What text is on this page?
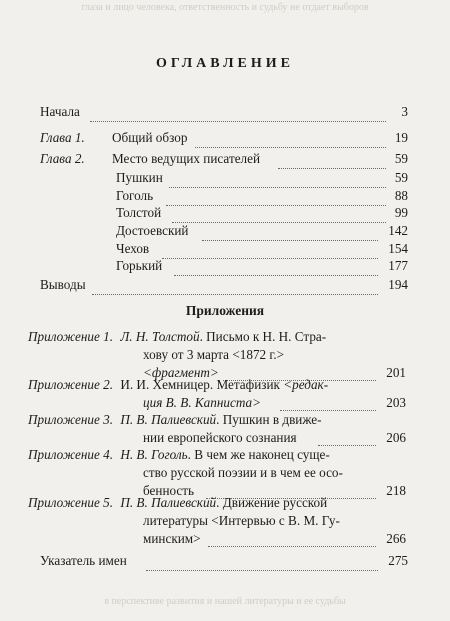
глаза и лицо человека, ответственность и судьбу не отдает выборов
ОГЛАВЛЕНИЕ
Начала	3
Глава 1. Общий обзор	19
Глава 2. Место ведущих писателей	59
Пушкин	59
Гоголь	88
Толстой	99
Достоевский	142
Чехов	154
Горький	177
Выводы	194
Приложения
Приложение 1. Л. Н. Толстой. Письмо к Н. Н. Стра-
хову от 3 марта <1872 г.>
<фрагмент>	201
Приложение 2. И. И. Хемницер. Метафизик <редак-
ция В. В. Капниста>	203
Приложение 3. П. В. Палиевский. Пушкин в движе-
нии европейского сознания	206
Приложение 4. Н. В. Гоголь. В чем же наконец суще-
ство русской поэзии и в чем ее осо-
бенность	218
Приложение 5. П. В. Палиевский. Движение русской
литературы <Интервью с В. М. Гу-
минским>	266
Указатель имен	275
в перспективе развития и нашей литературы и ее судьбы
